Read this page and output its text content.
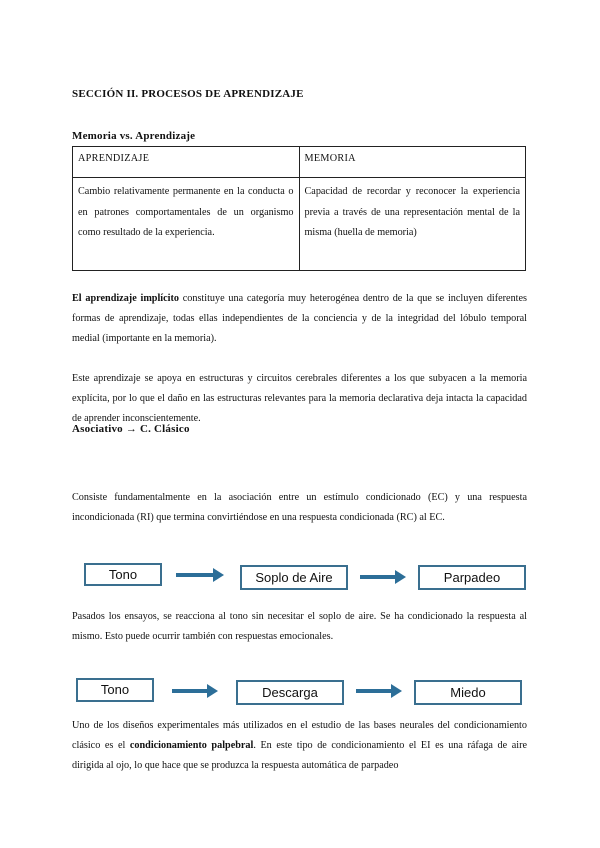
SECCIÓN II. PROCESOS DE APRENDIZAJE
Memoria vs. Aprendizaje
APRENDIZAJE	MEMORIA
Cambio relativamente permanente en la conducta o en patrones comportamentales de un organismo como resultado de la experiencia.	Capacidad de recordar y reconocer la experiencia previa a través de una representación mental de la misma (huella de memoria)
El aprendizaje implícito constituye una categoría muy heterogénea dentro de la que se incluyen diferentes formas de aprendizaje, todas ellas independientes de la conciencia y de la integridad del lóbulo temporal medial (importante en la memoria).
Este aprendizaje se apoya en estructuras y circuitos cerebrales diferentes a los que subyacen a la memoria explícita, por lo que el daño en las estructuras relevantes para la memoria declarativa deja intacta la capacidad de aprender inconscientemente.
Asociativo → C. Clásico
Consiste fundamentalmente en la asociación entre un estímulo condicionado (EC) y una respuesta incondicionada (RI) que termina convirtiéndose en una respuesta condicionada (RC) al EC.
Tono	Soplo de Aire	Parpadeo
Pasados los ensayos, se reacciona al tono sin necesitar el soplo de aire. Se ha condicionado la respuesta al mismo. Esto puede ocurrir también con respuestas emocionales.
Tono	Descarga	Miedo
Uno de los diseños experimentales más utilizados en el estudio de las bases neurales del condicionamiento clásico es el condicionamiento palpebral. En este tipo de condicionamiento el EI es una ráfaga de aire dirigida al ojo, lo que hace que se produzca la respuesta automática de parpadeo
